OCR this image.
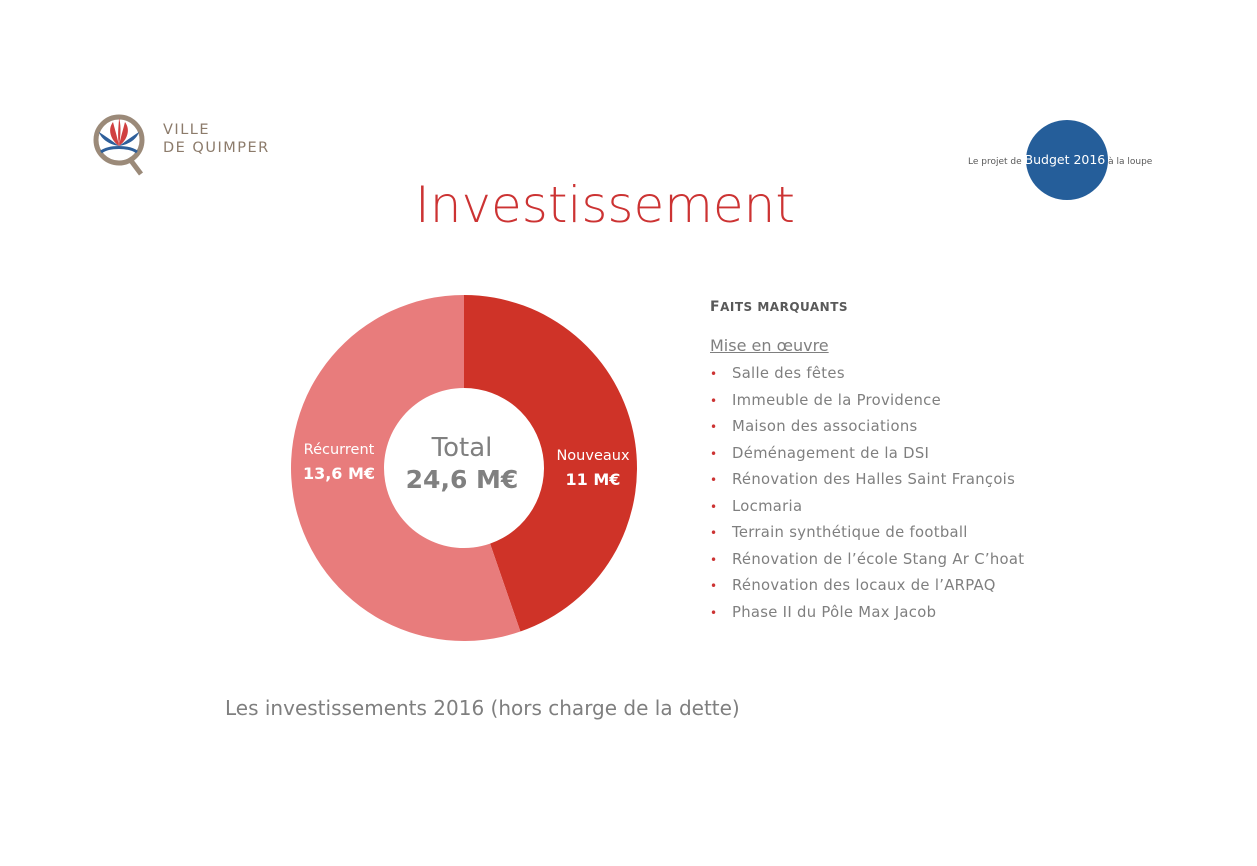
VILLE
DE QUIMPER
Le projet de Budget 2016 à la loupe
Investissement
Nouveaux
11 M€
Récurrent
13,6 M€
Total
24,6 M€
FAITS MARQUANTS
Mise en œuvre
• Salle des fêtes
• Immeuble de la Providence
• Maison des associations
• Déménagement de la DSI
• Rénovation des Halles Saint François
• Locmaria
• Terrain synthétique de football
• Rénovation de l’école Stang Ar C’hoat
• Rénovation des locaux de l’ARPAQ
• Phase II du Pôle Max Jacob
Les investissements 2016 (hors charge de la dette)
